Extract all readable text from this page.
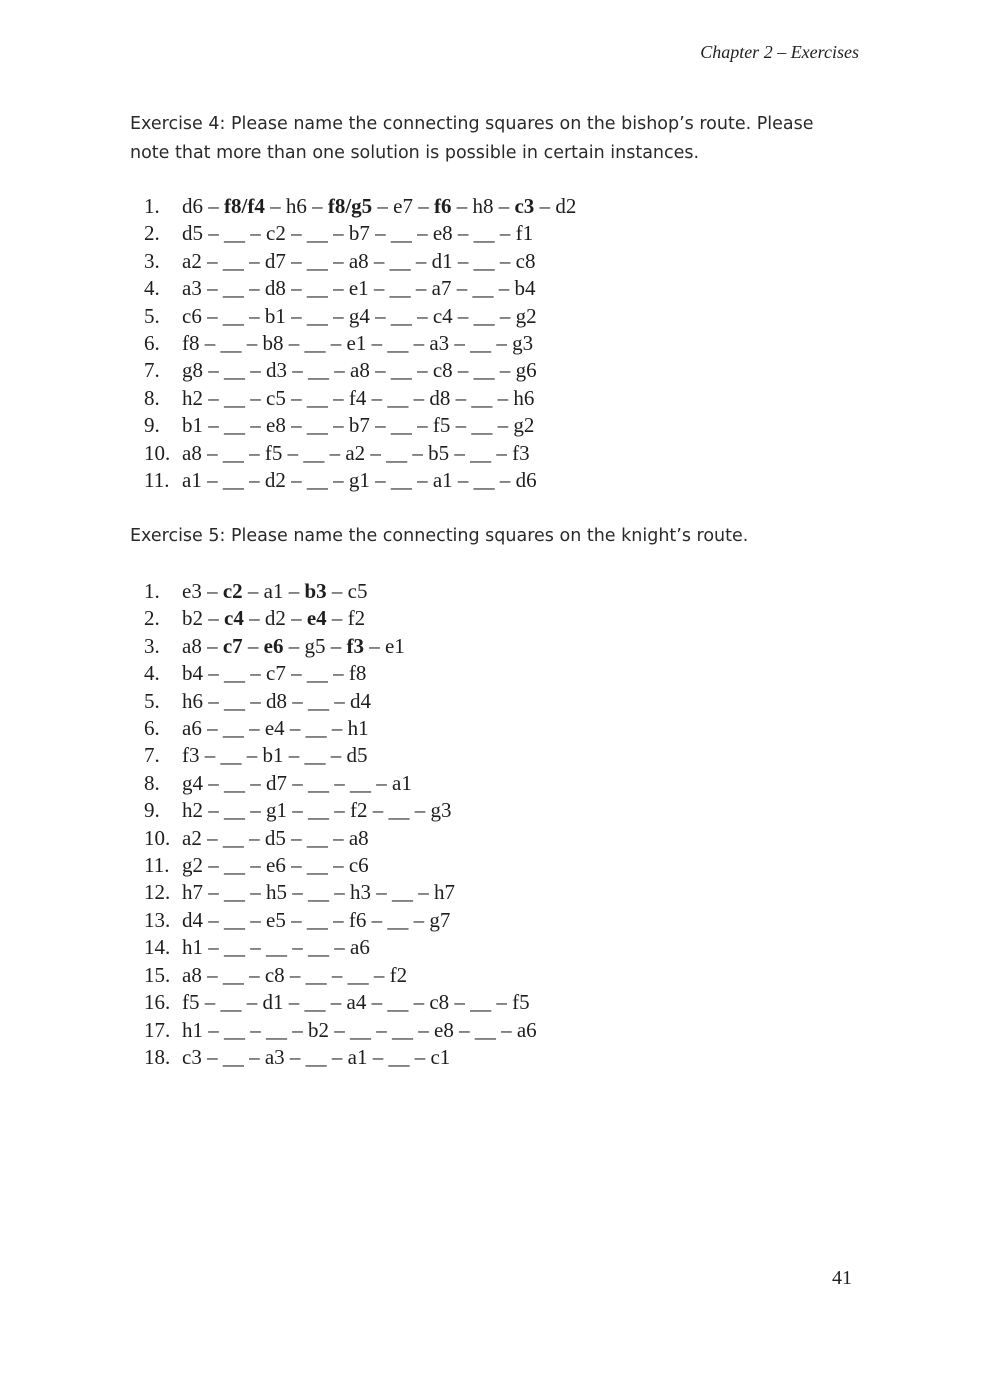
Chapter 2 – Exercises
Exercise 4: Please name the connecting squares on the bishop’s route. Please note that more than one solution is possible in certain instances.
1.	d6 – f8/f4 – h6 – f8/g5 – e7 – f6 – h8 – c3 – d2
2.	d5 – __ – c2 – __ – b7 – __ – e8 – __ – f1
3.	a2 – __ – d7 – __ – a8 – __ – d1 – __ – c8
4.	a3 – __ – d8 – __ – e1 – __ – a7 – __ – b4
5.	c6 – __ – b1 – __ – g4 – __ – c4 – __ – g2
6.	f8 – __ – b8 – __ – e1 – __ – a3 – __ – g3
7.	g8 – __ – d3 – __ – a8 – __ – c8 – __ – g6
8.	h2 – __ – c5 – __ – f4 – __ – d8 – __ – h6
9.	b1 – __ – e8 – __ – b7 – __ – f5 – __ – g2
10. a8 – __ – f5 – __ – a2 – __ – b5 – __ – f3
11. a1 – __ – d2 – __ – g1 – __ – a1 – __ – d6
Exercise 5: Please name the connecting squares on the knight’s route.
1.	e3 – c2 – a1 – b3 – c5
2.	b2 – c4 – d2 – e4 – f2
3.	a8 – c7 – e6 – g5 – f3 – e1
4.	b4 – __ – c7 – __ – f8
5.	h6 – __ – d8 – __ – d4
6.	a6 – __ – e4 – __ – h1
7.	f3 – __ – b1 – __ – d5
8.	g4 – __ – d7 – __ – __ – a1
9.	h2 – __ – g1 – __ – f2 – __ – g3
10. a2 – __ – d5 – __ – a8
11. g2 – __ – e6 – __ – c6
12. h7 – __ – h5 – __ – h3 – __ – h7
13. d4 – __ – e5 – __ – f6 – __ – g7
14. h1 – __ – __ – __ – a6
15. a8 – __ – c8 – __ – __ – f2
16. f5 – __ – d1 – __ – a4 – __ – c8 – __ – f5
17. h1 – __ – __ – b2 – __ – __ – e8 – __ – a6
18. c3 – __ – a3 – __ – a1 – __ – c1
41
